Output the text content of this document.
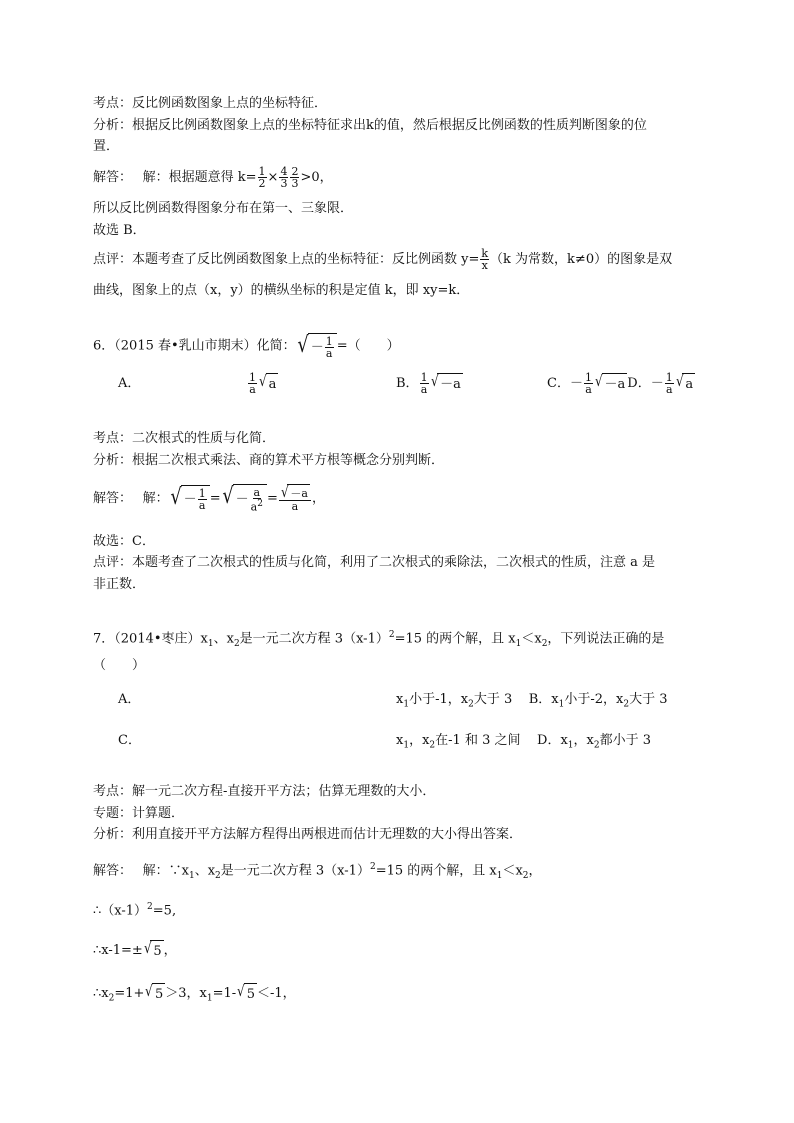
考点：反比例函数图象上点的坐标特征．
分析：根据反比例函数图象上点的坐标特征求出k的值，然后根据反比例函数的性质判断图象的位
置．
解答：　 解：根据题意得 $k= \frac{1}{2} \times \frac{4}{3} \frac{2}{3} >0$，
所以反比例函数得图象分布在第一、三象限．
故选 B．
点评：本题考查了反比例函数图象上点的坐标特征：反比例函数 $y= \frac{k}{x} (k$ 为常数，k≠0）的图象是双
曲线，图象上的点（x，y）的横纵坐标的积是定值 k，即 xy=k．
6．（2015 春•乳山市期末）化简： √ － $\frac{1}{a}$ =（　　）
A．	$\frac{1}{a}$ √ a	B． $\frac{1}{a}$ √ －a	C．－ $\frac{1}{a}$ √ －a D．－ $\frac{1}{a}$ √ a
考点：二次根式的性质与化简．
分析：根据二次根式乘法、商的算术平方根等概念分别判断．
解答：　 解： √ － $\frac{1}{a}$ = √ － $\frac{a}{a^2} = \frac{√ -a}{a}$ ，
故选：C．
点评：本题考查了二次根式的性质与化简，利用了二次根式的乘除法，二次根式的性质，注意 a 是
非正数．
7．（2014•枣庄）$x_1$、$x_2$是一元二次方程 $3(x-1)^2=15$ 的两个解，且 $x_1<x_2$，下列说法正确的是
（　　）
A．	$x_1$小于-1，$x_2$大于 3 B．$x_1$小于-2，$x_2$大于 3
C．	$x_1$，$x_2$在-1 和 3 之间 D．$x_1$，$x_2$都小于 3
考点：解一元二次方程-直接开平方法；估算无理数的大小．
专题：计算题．
分析：利用直接开平方法解方程得出两根进而估计无理数的大小得出答案．
解答：　 解：$\because x_1$、$x_2$是一元二次方程 $3(x-1)^2=15$ 的两个解，且 $x_1<x_2$，
$\therefore(x-1)^2=5$,
∴x-1=± √ 5 ，
$\therefore x_2=1+$ √ 5 ＞3，$x_1=1-$ √ 5 ＜-1，
